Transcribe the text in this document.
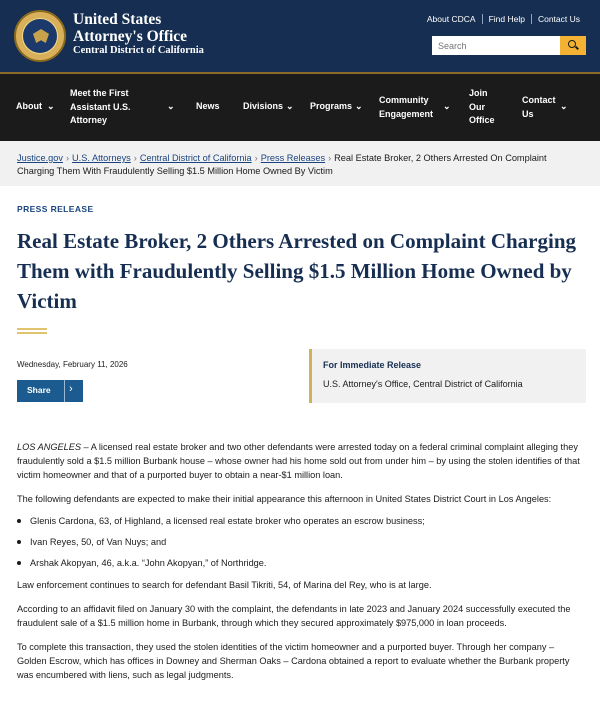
United States
Attorney's Office
Central District of California
About CDCA	Find Help	Contact Us
Search
About ⌄
Meet the First
Assistant U.S.
Attorney
⌄ News	Divisions ⌄ Programs ⌄
Community
Engagement
⌄
Join
Our
Office
Contact
Us
⌄
Justice.gov › U.S. Attorneys › Central District of California › Press Releases › Real Estate Broker, 2 Others Arrested On Complaint Charging Them With Fraudulently Selling $1.5 Million Home Owned By Victim
PRESS RELEASE
Real Estate Broker, 2 Others Arrested on Complaint Charging Them with Fraudulently Selling $1.5 Million Home Owned by Victim
Wednesday, February 11, 2026
Share ›
For Immediate Release
U.S. Attorney's Office, Central District of California

LOS ANGELES – A licensed real estate broker and two other defendants were arrested today on a federal criminal complaint alleging they fraudulently sold a $1.5 million Burbank house – whose owner had his home sold out from under him – by using the stolen identifies of that victim homeowner and that of a purported buyer to obtain a near-$1 million loan.

The following defendants are expected to make their initial appearance this afternoon in United States District Court in Los Angeles:

Glenis Cardona, 63, of Highland, a licensed real estate broker who operates an escrow business;
Ivan Reyes, 50, of Van Nuys; and
Arshak Akopyan, 46, a.k.a. “John Akopyan,” of Northridge.

Law enforcement continues to search for defendant Basil Tikriti, 54, of Marina del Rey, who is at large.

According to an affidavit filed on January 30 with the complaint, the defendants in late 2023 and January 2024 successfully executed the fraudulent sale of a $1.5 million home in Burbank, through which they secured approximately $975,000 in loan proceeds.

To complete this transaction, they used the stolen identities of the victim homeowner and a purported buyer. Through her company – Golden Escrow, which has offices in Downey and Sherman Oaks – Cardona obtained a report to evaluate whether the Burbank property was encumbered with liens, such as legal judgments.
